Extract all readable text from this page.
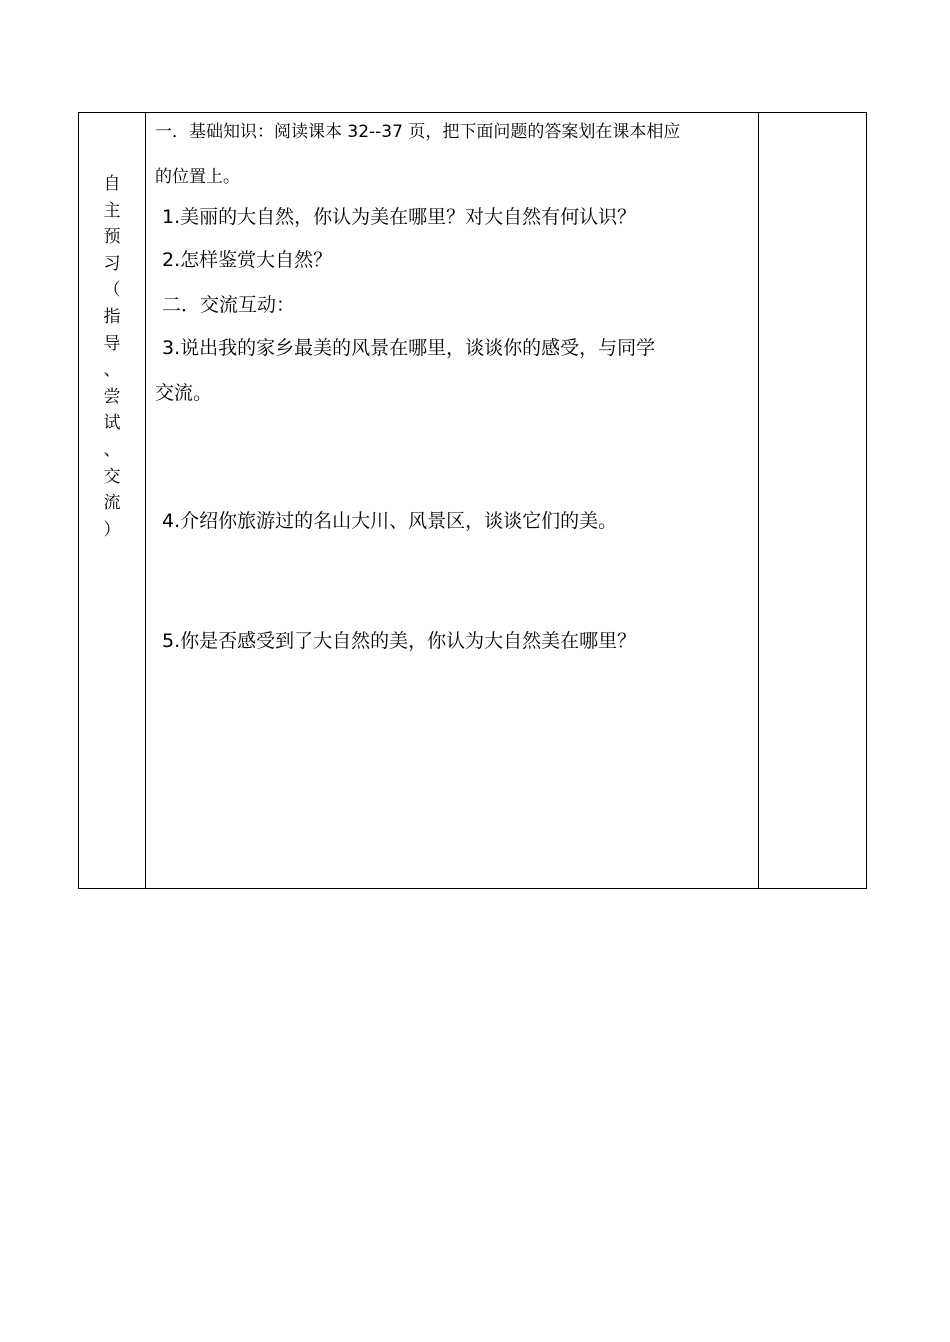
自
主
预
习
（
指
导
、
尝
试
、
交
流
）
一．基础知识：阅读课本 32--37 页，把下面问题的答案划在课本相应
的位置上。
1.美丽的大自然，你认为美在哪里？对大自然有何认识？
2.怎样鉴赏大自然？
二．交流互动：
3.说出我的家乡最美的风景在哪里，谈谈你的感受，与同学
交流。
4.介绍你旅游过的名山大川、风景区，谈谈它们的美。
5.你是否感受到了大自然的美，你认为大自然美在哪里？
